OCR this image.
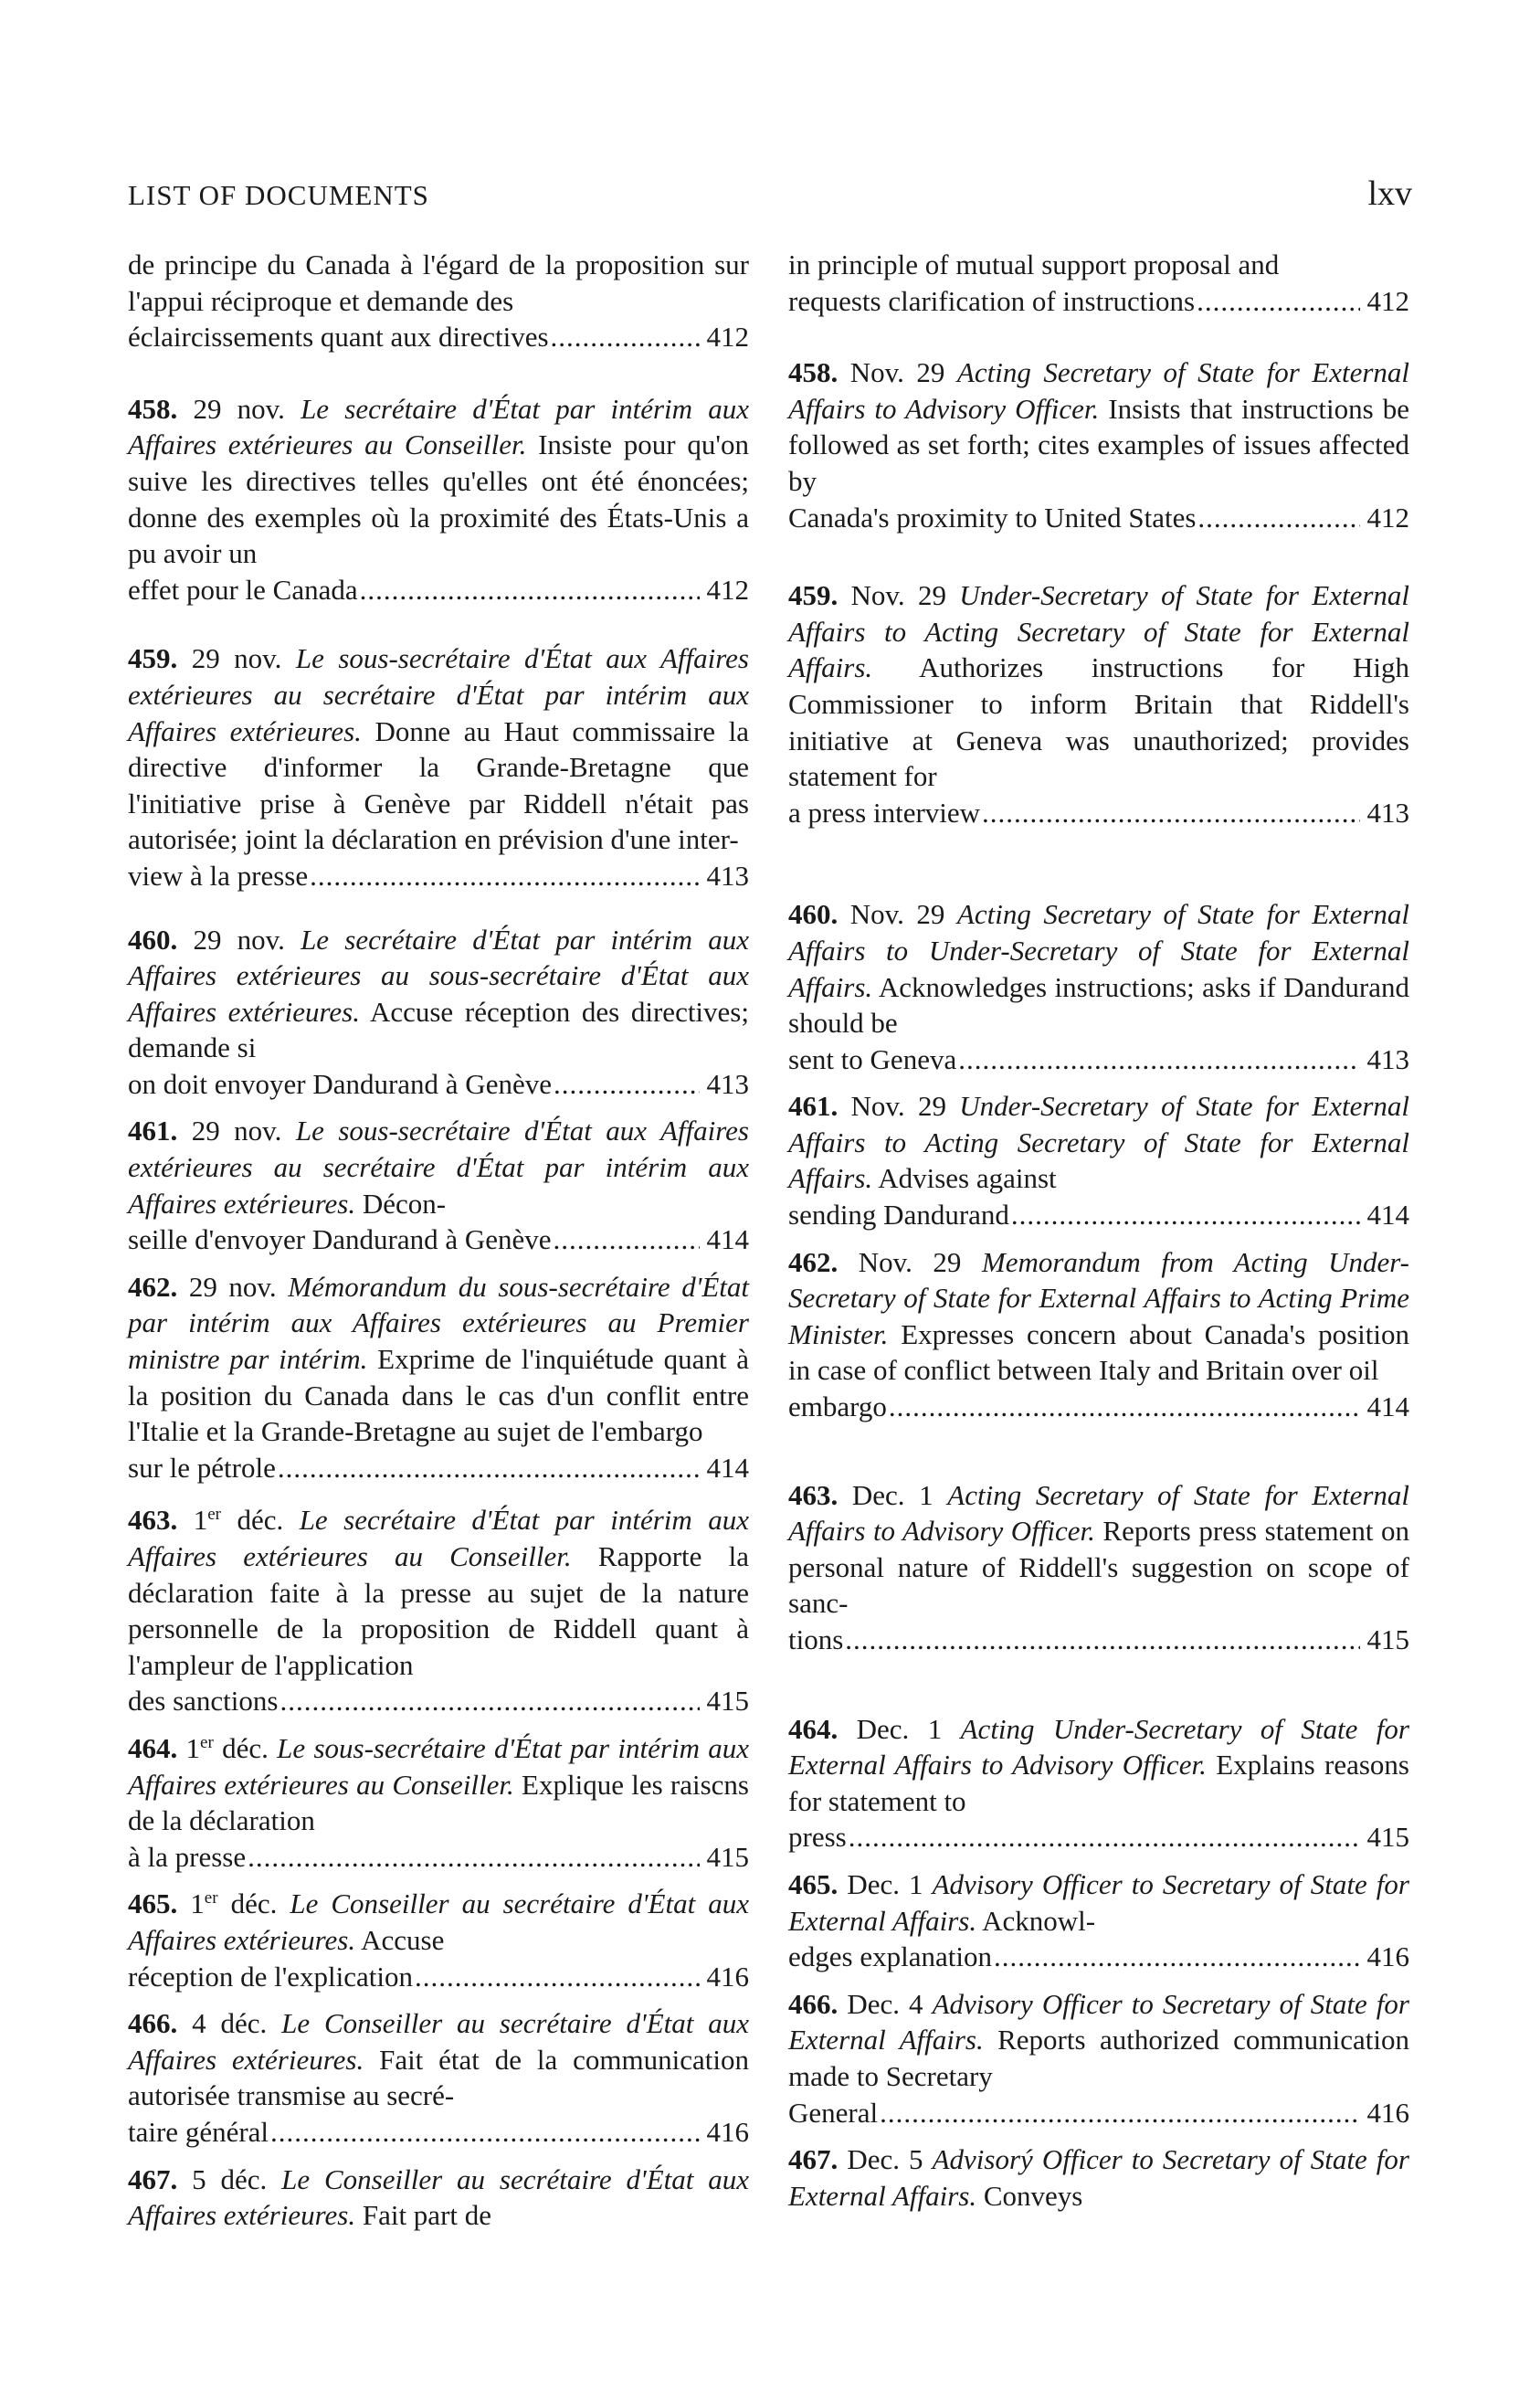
LIST OF DOCUMENTS	lxv
de principe du Canada à l'égard de la proposition sur l'appui réciproque et demande des
éclaircissements quant aux directives .....	412
458. 29 nov. Le secrétaire d'État par intérim aux Affaires extérieures au Conseiller. Insiste pour qu'on suive les directives telles qu'elles ont été énoncées; donne des exemples où la proximité des États-Unis a pu avoir un
effet pour le Canada .....	412
459. 29 nov. Le sous-secrétaire d'État aux Affaires extérieures au secrétaire d'État par intérim aux Affaires extérieures. Donne au Haut commissaire la directive d'informer la Grande-Bretagne que l'initiative prise à Genève par Riddell n'était pas autorisée; joint la déclaration en prévision d'une inter-
view à la presse .....	413
460. 29 nov. Le secrétaire d'État par intérim aux Affaires extérieures au sous-secrétaire d'État aux Affaires extérieures. Accuse réception des directives; demande si
on doit envoyer Dandurand à Genève .....	413
461. 29 nov. Le sous-secrétaire d'État aux Affaires extérieures au secrétaire d'État par intérim aux Affaires extérieures. Décon-
seille d'envoyer Dandurand à Genève .....	414
462. 29 nov. Mémorandum du sous-secrétaire d'État par intérim aux Affaires extérieures au Premier ministre par intérim. Exprime de l'inquiétude quant à la position du Canada dans le cas d'un conflit entre l'Italie et la Grande-Bretagne au sujet de l'embargo
sur le pétrole .....	414
463. 1er déc. Le secrétaire d'État par intérim aux Affaires extérieures au Conseiller. Rapporte la déclaration faite à la presse au sujet de la nature personnelle de la proposition de Riddell quant à l'ampleur de l'application
des sanctions .....	415
464. 1er déc. Le sous-secrétaire d'État par intérim aux Affaires extérieures au Conseiller. Explique les raiscns de la déclaration
à la presse .....	415
465. 1er déc. Le Conseiller au secrétaire d'État aux Affaires extérieures. Accuse
réception de l'explication .....	416
466. 4 déc. Le Conseiller au secrétaire d'État aux Affaires extérieures. Fait état de la communication autorisée transmise au secré-
taire général .....	416
467. 5 déc. Le Conseiller au secrétaire d'État aux Affaires extérieures. Fait part de
in principle of mutual support proposal and
requests clarification of instructions .....	412
458. Nov. 29 Acting Secretary of State for External Affairs to Advisory Officer. Insists that instructions be followed as set forth; cites examples of issues affected by
Canada's proximity to United States .....	412
459. Nov. 29 Under-Secretary of State for External Affairs to Acting Secretary of State for External Affairs. Authorizes instructions for High Commissioner to inform Britain that Riddell's initiative at Geneva was unauthorized; provides statement for
a press interview .....	413
460. Nov. 29 Acting Secretary of State for External Affairs to Under-Secretary of State for External Affairs. Acknowledges instructions; asks if Dandurand should be
sent to Geneva .....	413
461. Nov. 29 Under-Secretary of State for External Affairs to Acting Secretary of State for External Affairs. Advises against
sending Dandurand .....	414
462. Nov. 29 Memorandum from Acting Under-Secretary of State for External Affairs to Acting Prime Minister. Expresses concern about Canada's position in case of conflict between Italy and Britain over oil
embargo .....	414
463. Dec. 1 Acting Secretary of State for External Affairs to Advisory Officer. Reports press statement on personal nature of Riddell's suggestion on scope of sanc-
tions .....	415
464. Dec. 1 Acting Under-Secretary of State for External Affairs to Advisory Officer. Explains reasons for statement to
press .....	415
465. Dec. 1 Advisory Officer to Secretary of State for External Affairs. Acknowl-
edges explanation .....	416
466. Dec. 4 Advisory Officer to Secretary of State for External Affairs. Reports authorized communication made to Secretary
General .....	416
467. Dec. 5 Advisorý Officer to Secretary of State for External Affairs. Conveys
